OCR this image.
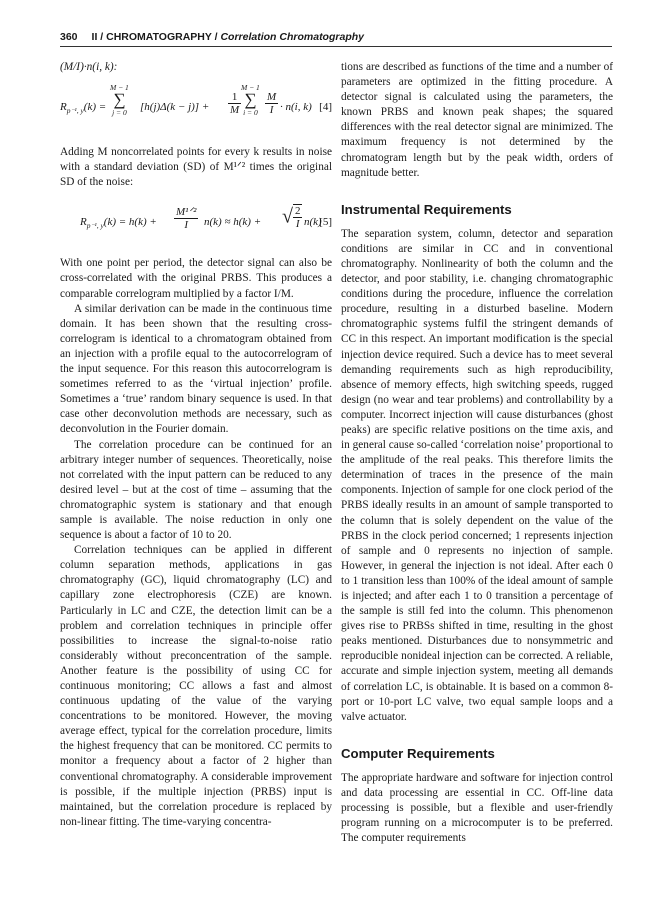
360 II / CHROMATOGRAPHY / Correlation Chromatography

(M/I)·n(i, k):

$R_{p^{-1}, y}(k)$ =
M − 1
∑
j = 0 $[h(j)\Delta(k - j)] + \frac{1}{M}$
M − 1
∑
$i = 0 \frac{M}{I} \cdot n(i$, k) [4]

Adding M noncorrelated points for every k results in noise with a standard deviation (SD) of M¹ᐟ² times the original SD of the noise:

$R_{p^{-1}, y}(k) = h(k)$ +
M¹ᐟ²
I	n(k) ≈ h(k) + √ $\frac{2}{I} n(k)$
[5]

With one point per period, the detector signal can also be cross-correlated with the original PRBS. This produces a comparable correlogram multiplied by a factor I/M.

A similar derivation can be made in the continuous time domain. It has been shown that the resulting cross-correlogram is identical to a chromatogram obtained from an injection with a profile equal to the autocorrelogram of the input sequence. For this reason this autocorrelogram is sometimes referred to as the ‘virtual injection’ profile. Sometimes a ‘true’ random binary sequence is used. In that case other deconvolution methods are necessary, such as deconvolution in the Fourier domain.

The correlation procedure can be continued for an arbitrary integer number of sequences. Theoretically, noise not correlated with the input pattern can be reduced to any desired level – but at the cost of time – assuming that the chromatographic system is stationary and that enough sample is available. The noise reduction in only one sequence is about a factor of 10 to 20.

Correlation techniques can be applied in different column separation methods, applications in gas chromatography (GC), liquid chromatography (LC) and capillary zone electrophoresis (CZE) are known. Particularly in LC and CZE, the detection limit can be a problem and correlation techniques in principle offer possibilities to increase the signal-to-noise ratio considerably without preconcentration of the sample. Another feature is the possibility of using CC for continuous monitoring; CC allows a fast and almost continuous updating of the value of the varying concentrations to be monitored. However, the moving average effect, typical for the correlation procedure, limits the highest frequency that can be monitored. CC permits to monitor a frequency about a factor of 2 higher than conventional chromatography. A considerable improvement is possible, if the multiple injection (PRBS) input is maintained, but the correlation procedure is replaced by non-linear fitting. The time-varying concentra-

tions are described as functions of the time and a number of parameters are optimized in the fitting procedure. A detector signal is calculated using the parameters, the known PRBS and known peak shapes; the squared differences with the real detector signal are minimized. The maximum frequency is not determined by the chromatogram length but by the peak width, orders of magnitude better.

Instrumental Requirements

The separation system, column, detector and separation conditions are similar in CC and in conventional chromatography. Nonlinearity of both the column and the detector, and poor stability, i.e. changing chromatographic conditions during the procedure, influence the correlation procedure, resulting in a disturbed baseline. Modern chromatographic systems fulfil the stringent demands of CC in this respect. An important modification is the special injection device required. Such a device has to meet several demanding requirements such as high reproducibility, absence of memory effects, high switching speeds, rugged design (no wear and tear problems) and controllability by a computer. Incorrect injection will cause disturbances (ghost peaks) are specific relative positions on the time axis, and in general cause so-called ‘correlation noise’ proportional to the amplitude of the real peaks. This therefore limits the determination of traces in the presence of the main components. Injection of sample for one clock period of the PRBS ideally results in an amount of sample transported to the column that is solely dependent on the value of the PRBS in the clock period concerned; 1 represents injection of sample and 0 represents no injection of sample. However, in general the injection is not ideal. After each 0 to 1 transition less than 100% of the ideal amount of sample is injected; and after each 1 to 0 transition a percentage of the sample is still fed into the column. This phenomenon gives rise to PRBSs shifted in time, resulting in the ghost peaks mentioned. Disturbances due to nonsymmetric and reproducible nonideal injection can be corrected. A reliable, accurate and simple injection system, meeting all demands of correlation LC, is obtainable. It is based on a common 8-port or 10-port LC valve, two equal sample loops and a valve actuator.

Computer Requirements

The appropriate hardware and software for injection control and data processing are essential in CC. Off-line data processing is possible, but a flexible and user-friendly program running on a microcomputer is to be preferred. The computer requirements
